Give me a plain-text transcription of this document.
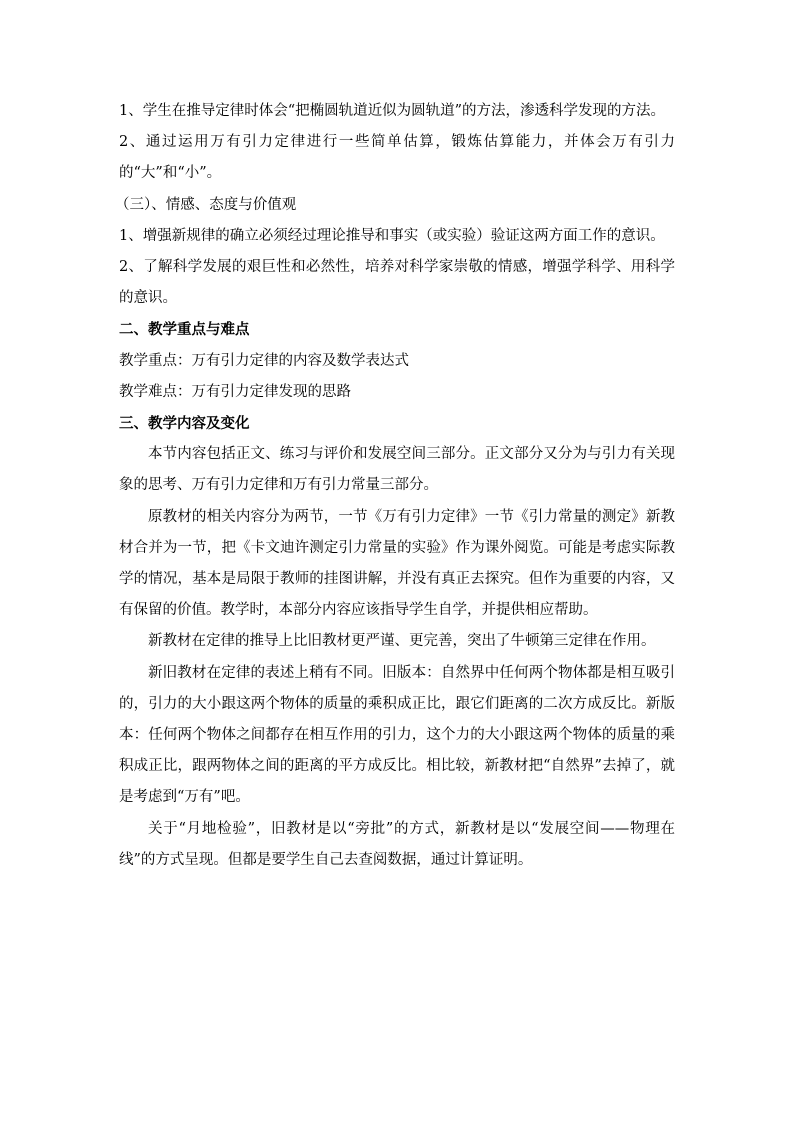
1、学生在推导定律时体会“把椭圆轨道近似为圆轨道”的方法，渗透科学发现的方法。

2、通过运用万有引力定律进行一些简单估算，锻炼估算能力，并体会万有引力的“大”和“小”。

（三）、情感、态度与价值观

1、增强新规律的确立必须经过理论推导和事实（或实验）验证这两方面工作的意识。

2、了解科学发展的艰巨性和必然性，培养对科学家崇敬的情感，增强学科学、用科学的意识。

二、教学重点与难点

教学重点：万有引力定律的内容及数学表达式

教学难点：万有引力定律发现的思路

三、教学内容及变化

本节内容包括正文、练习与评价和发展空间三部分。正文部分又分为与引力有关现象的思考、万有引力定律和万有引力常量三部分。

原教材的相关内容分为两节，一节《万有引力定律》一节《引力常量的测定》新教材合并为一节，把《卡文迪许测定引力常量的实验》作为课外阅览。可能是考虑实际教学的情况，基本是局限于教师的挂图讲解，并没有真正去探究。但作为重要的内容，又有保留的价值。教学时，本部分内容应该指导学生自学，并提供相应帮助。

新教材在定律的推导上比旧教材更严谨、更完善，突出了牛顿第三定律在作用。

新旧教材在定律的表述上稍有不同。旧版本：自然界中任何两个物体都是相互吸引的，引力的大小跟这两个物体的质量的乘积成正比，跟它们距离的二次方成反比。新版本：任何两个物体之间都存在相互作用的引力，这个力的大小跟这两个物体的质量的乘积成正比，跟两物体之间的距离的平方成反比。相比较，新教材把“自然界”去掉了，就是考虑到“万有”吧。

关于“月地检验”，旧教材是以“旁批”的方式，新教材是以“发展空间——物理在线”的方式呈现。但都是要学生自己去查阅数据，通过计算证明。
